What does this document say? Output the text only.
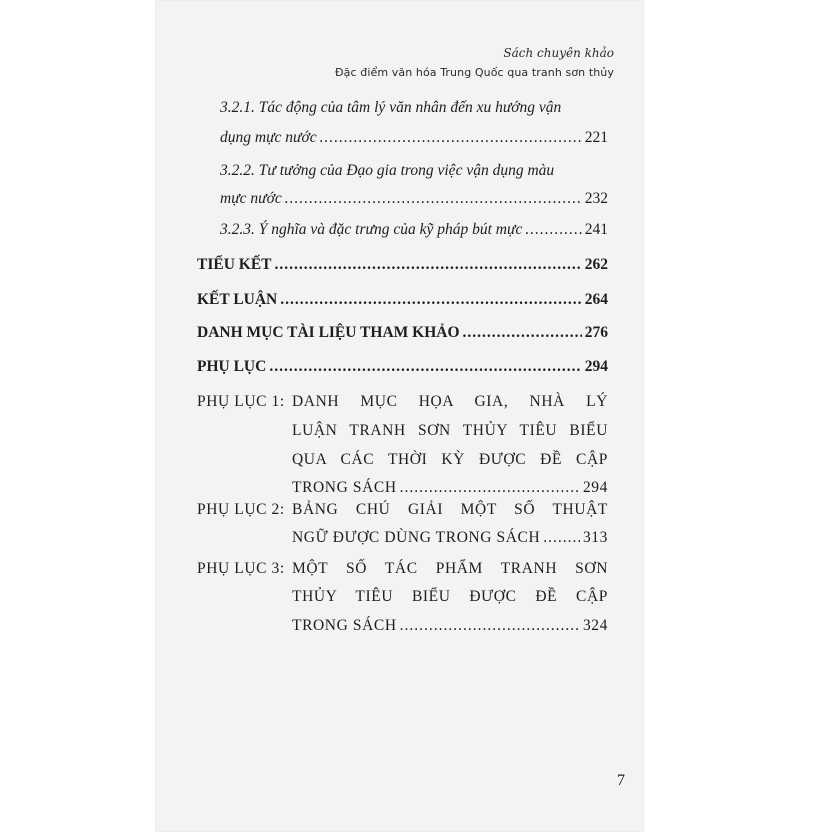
Sách chuyên khảo
Đặc điểm văn hóa Trung Quốc qua tranh sơn thủy
3.2.1. Tác động của tâm lý văn nhân đến xu hướng vận
dụng mực nước .....	221
3.2.2. Tư tưởng của Đạo gia trong việc vận dụng màu
mực nước .....	232
3.2.3. Ý nghĩa và đặc trưng của kỹ pháp bút mực .....	241
TIỂU KẾT .....	262
KẾT LUẬN .....	264
DANH MỤC TÀI LIỆU THAM KHẢO .....	276
PHỤ LỤC .....	294
PHỤ LỤC 1: DANH MỤC HỌA GIA, NHÀ LÝ
LUẬN TRANH SƠN THỦY TIÊU BIỂU
QUA CÁC THỜI KỲ ĐƯỢC ĐỀ CẬP
TRONG SÁCH .....	294
PHỤ LỤC 2: BẢNG CHÚ GIẢI MỘT SỐ THUẬT
NGỮ ĐƯỢC DÙNG TRONG SÁCH .....	313
PHỤ LỤC 3: MỘT SỐ TÁC PHẨM TRANH SƠN
THỦY TIÊU BIỂU ĐƯỢC ĐỀ CẬP
TRONG SÁCH .....	324
7
